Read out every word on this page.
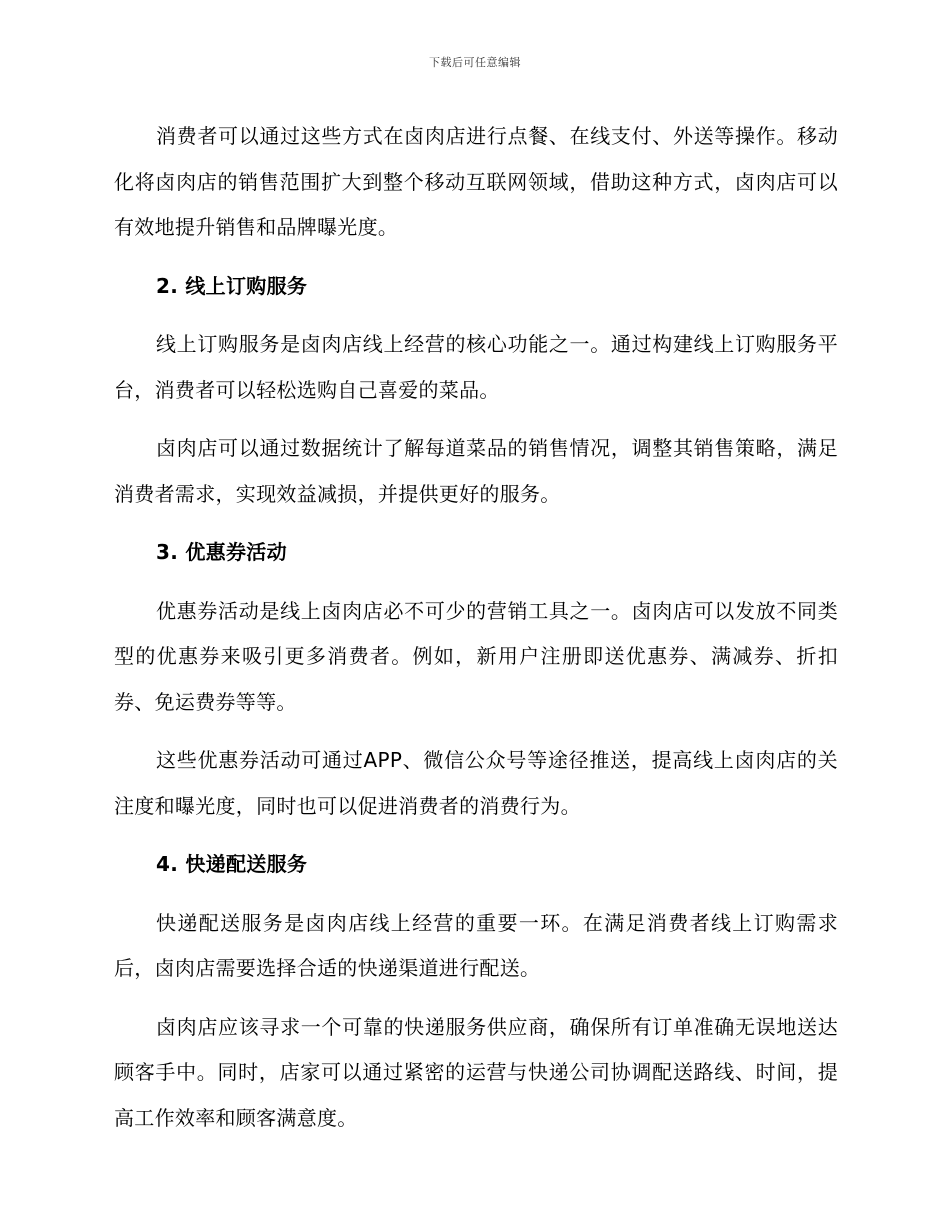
下载后可任意编辑

消费者可以通过这些方式在卤肉店进行点餐、在线支付、外送等操作。移动化将卤肉店的销售范围扩大到整个移动互联网领域，借助这种方式，卤肉店可以有效地提升销售和品牌曝光度。

2. 线上订购服务

线上订购服务是卤肉店线上经营的核心功能之一。通过构建线上订购服务平台，消费者可以轻松选购自己喜爱的菜品。

卤肉店可以通过数据统计了解每道菜品的销售情况，调整其销售策略，满足消费者需求，实现效益减损，并提供更好的服务。

3. 优惠券活动

优惠券活动是线上卤肉店必不可少的营销工具之一。卤肉店可以发放不同类型的优惠券来吸引更多消费者。例如，新用户注册即送优惠券、满减券、折扣券、免运费券等等。

这些优惠券活动可通过APP、微信公众号等途径推送，提高线上卤肉店的关注度和曝光度，同时也可以促进消费者的消费行为。

4. 快递配送服务

快递配送服务是卤肉店线上经营的重要一环。在满足消费者线上订购需求后，卤肉店需要选择合适的快递渠道进行配送。

卤肉店应该寻求一个可靠的快递服务供应商，确保所有订单准确无误地送达顾客手中。同时，店家可以通过紧密的运营与快递公司协调配送路线、时间，提高工作效率和顾客满意度。
